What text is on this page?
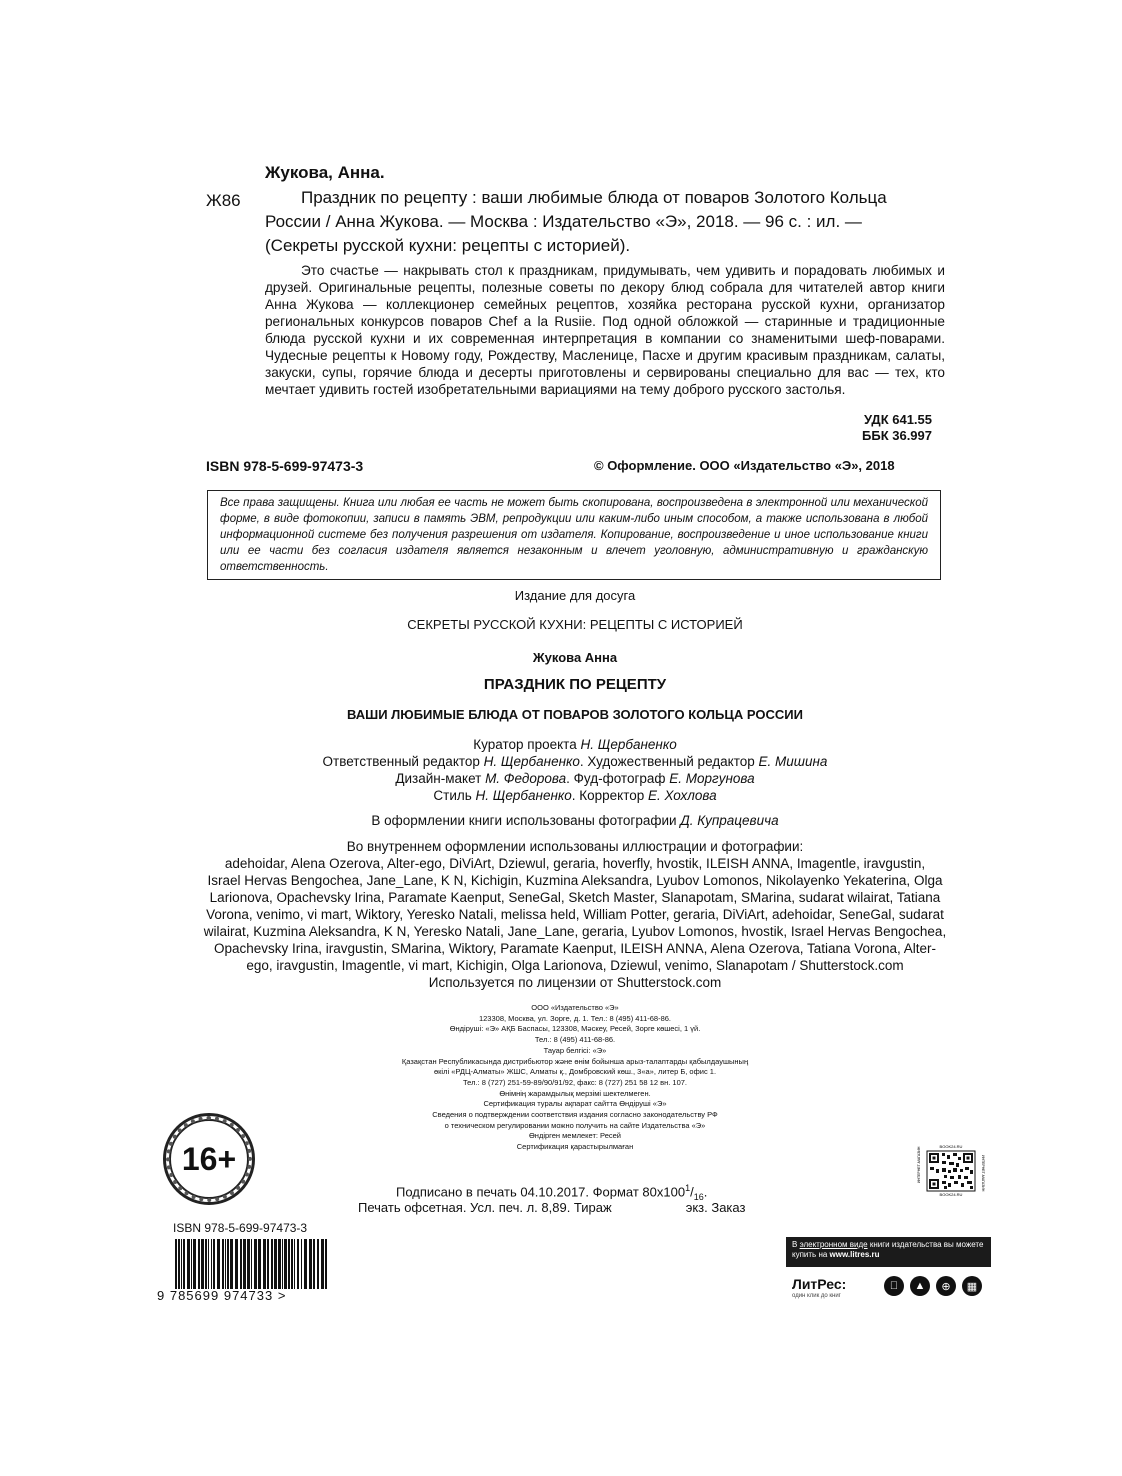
Жукова, Анна.
Ж86	Праздник по рецепту : ваши любимые блюда от поваров Золотого Кольца
России / Анна Жукова. — Москва : Издательство «Э», 2018. — 96 с. : ил. —
(Секреты русской кухни: рецепты с историей).

Это счастье — накрывать стол к праздникам, придумывать, чем удивить и порадовать любимых и друзей. Оригинальные рецепты, полезные советы по декору блюд собрала для читателей автор книги Анна Жукова — коллекционер семейных рецептов, хозяйка ресторана русской кухни, организатор региональных конкурсов поваров Chef a la Rusiie. Под одной обложкой — старинные и традиционные блюда русской кухни и их современная интерпретация в компании со знаменитыми шеф-поварами. Чудесные рецепты к Новому году, Рождеству, Масленице, Пасхе и другим красивым праздникам, салаты, закуски, супы, горячие блюда и десерты приготовлены и сервированы специально для вас — тех, кто мечтает удивить гостей изобретательными вариациями на тему доброго русского застолья.

УДК 641.55
ББК 36.997
ISBN 978-5-699-97473-3	© Оформление. ООО «Издательство «Э», 2018
Все права защищены. Книга или любая ее часть не может быть скопирована, воспроизведена в электронной или механической форме, в виде фотокопии, записи в память ЭВМ, репродукции или каким-либо иным способом, а также использована в любой информационной системе без получения разрешения от издателя. Копирование, воспроизведение и иное использование книги или ее части без согласия издателя является незаконным и влечет уголовную, административную и гражданскую ответственность.
Издание для досуга
СЕКРЕТЫ РУССКОЙ КУХНИ: РЕЦЕПТЫ С ИСТОРИЕЙ
Жукова Анна
ПРАЗДНИК ПО РЕЦЕПТУ
ВАШИ ЛЮБИМЫЕ БЛЮДА ОТ ПОВАРОВ ЗОЛОТОГО КОЛЬЦА РОССИИ
Куратор проекта Н. Щербаненко
Ответственный редактор Н. Щербаненко. Художественный редактор Е. Мишина
Дизайн-макет М. Федорова. Фуд-фотограф Е. Моргунова
Стиль Н. Щербаненко. Корректор Е. Хохлова
В оформлении книги использованы фотографии Д. Купрацевича
Во внутреннем оформлении использованы иллюстрации и фотографии:
adehoidar, Alena Ozerova, Alter-ego, DiViArt, Dziewul, geraria, hoverfly, hvostik, ILEISH ANNA, Imagentle, iravgustin,
Israel Hervas Bengochea, Jane_Lane, K N, Kichigin, Kuzmina Aleksandra, Lyubov Lomonos, Nikolayenko Yekaterina, Olga
Larionova, Opachevsky Irina, Paramate Kaenput, SeneGal, Sketch Master, Slanapotam, SMarina, sudarat wilairat, Tatiana
Vorona, venimo, vi mart, Wiktory, Yeresko Natali, melissa held, William Potter, geraria, DiViArt, adehoidar, SeneGal, sudarat
wilairat, Kuzmina Aleksandra, K N, Yeresko Natali, Jane_Lane, geraria, Lyubov Lomonos, hvostik, Israel Hervas Bengochea,
Opachevsky Irina, iravgustin, SMarina, Wiktory, Paramate Kaenput, ILEISH ANNA, Alena Ozerova, Tatiana Vorona, Alter-
ego, iravgustin, Imagentle, vi mart, Kichigin, Olga Larionova, Dziewul, venimo, Slanapotam / Shutterstock.com
Используется по лицензии от Shutterstock.com
ООО «Издательство «Э»
123308, Москва, ул. Зорге, д. 1. Тел.: 8 (495) 411-68-86.
Өндіруші: «Э» АҚБ Баспасы, 123308, Мәскеу, Ресей, Зорге көшесі, 1 үй.
Тел.: 8 (495) 411-68-86.
Тауар белгісі: «Э»
Қазақстан Республикасында дистрибьютор және өнім бойынша арыз-талаптарды қабылдаушының
өкілі «РДЦ-Алматы» ЖШС, Алматы қ., Домбровский көш., 3«а», литер Б, офис 1.
Тел.: 8 (727) 251-59-89/90/91/92, факс: 8 (727) 251 58 12 вн. 107.
Өнімнің жарамдылық мерзімі шектелмеген.
Сертификация туралы ақпарат сайтта Өндіруші «Э»
Сведения о подтверждении соответствия издания согласно законодательству РФ
о техническом регулировании можно получить на сайте Издательства «Э»
Өндірген мемлекет: Ресей
Сертификация қарастырылмаған
16+
Подписано в печать 04.10.2017. Формат $80x100^1/_{16}$.
Печать офсетная. Усл. печ. л. 8,89. Тираж	экз. Заказ
BOOK24.RU
BOOK24.RU
ИНТЕРНЕТ-МАГАЗИН	ИНТЕРНЕТ-МАГАЗИН
ISBN 978-5-699-97473-3
9 785699 974733 >
В электронном виде книги издательства вы можете
купить на www.litres.ru
ЛитРес:
один клик до книг
▲	⊕	▦
